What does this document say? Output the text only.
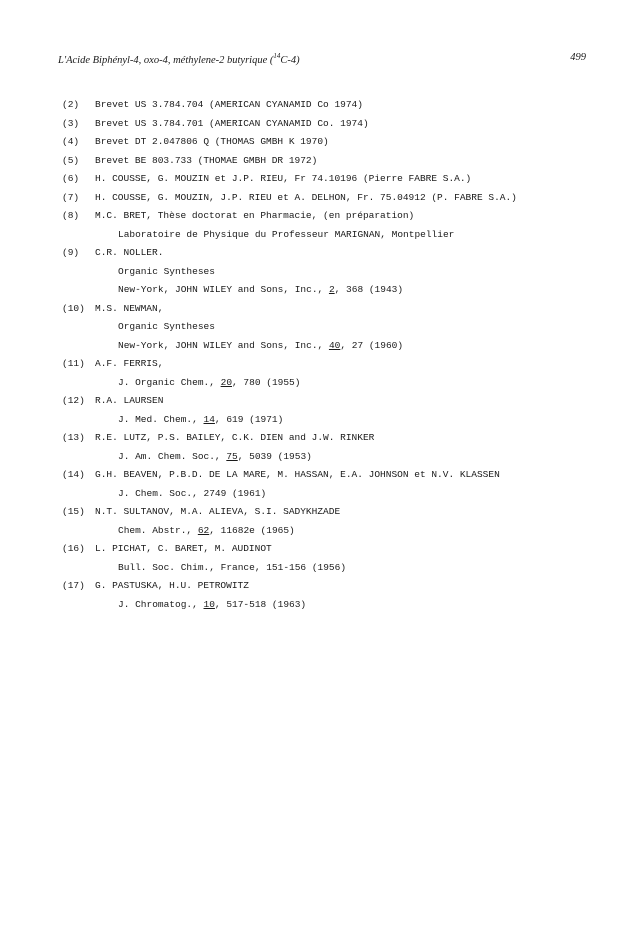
L'Acide Biphényl-4, oxo-4, méthylene-2 butyrique ($^{14}$C-4)	499
(2)	Brevet US 3.784.704 (AMERICAN CYANAMID Co 1974)
(3)	Brevet US 3.784.701 (AMERICAN CYANAMID Co. 1974)
(4)	Brevet DT 2.047806 Q (THOMAS GMBH K 1970)
(5)	Brevet BE 803.733 (THOMAE GMBH DR 1972)
(6)	H. COUSSE, G. MOUZIN et J.P. RIEU, Fr 74.10196 (Pierre FABRE S.A.)
(7)	H. COUSSE, G. MOUZIN, J.P. RIEU et A. DELHON, Fr. 75.04912 (P. FABRE S.A.)
(8)	M.C. BRET, Thèse doctorat en Pharmacie, (en préparation)
Laboratoire de Physique du Professeur MARIGNAN, Montpellier
(9)	C.R. NOLLER.
Organic Syntheses
New-York, JOHN WILEY and Sons, Inc., 2, 368 (1943)
(10)	M.S. NEWMAN,
Organic Syntheses
New-York, JOHN WILEY and Sons, Inc., 40, 27 (1960)
(11)	A.F. FERRIS,
J. Organic Chem., 20, 780 (1955)
(12)	R.A. LAURSEN
J. Med. Chem., 14, 619 (1971)
(13)	R.E. LUTZ, P.S. BAILEY, C.K. DIEN and J.W. RINKER
J. Am. Chem. Soc., 75, 5039 (1953)
(14)	G.H. BEAVEN, P.B.D. DE LA MARE, M. HASSAN, E.A. JOHNSON et N.V. KLASSEN
J. Chem. Soc., 2749 (1961)
(15)	N.T. SULTANOV, M.A. ALIEVA, S.I. SADYKHZADE
Chem. Abstr., 62, 11682e (1965)
(16)	L. PICHAT, C. BARET, M. AUDINOT
Bull. Soc. Chim., France, 151-156 (1956)
(17)	G. PASTUSKA, H.U. PETROWITZ
J. Chromatog., 10, 517-518 (1963)
